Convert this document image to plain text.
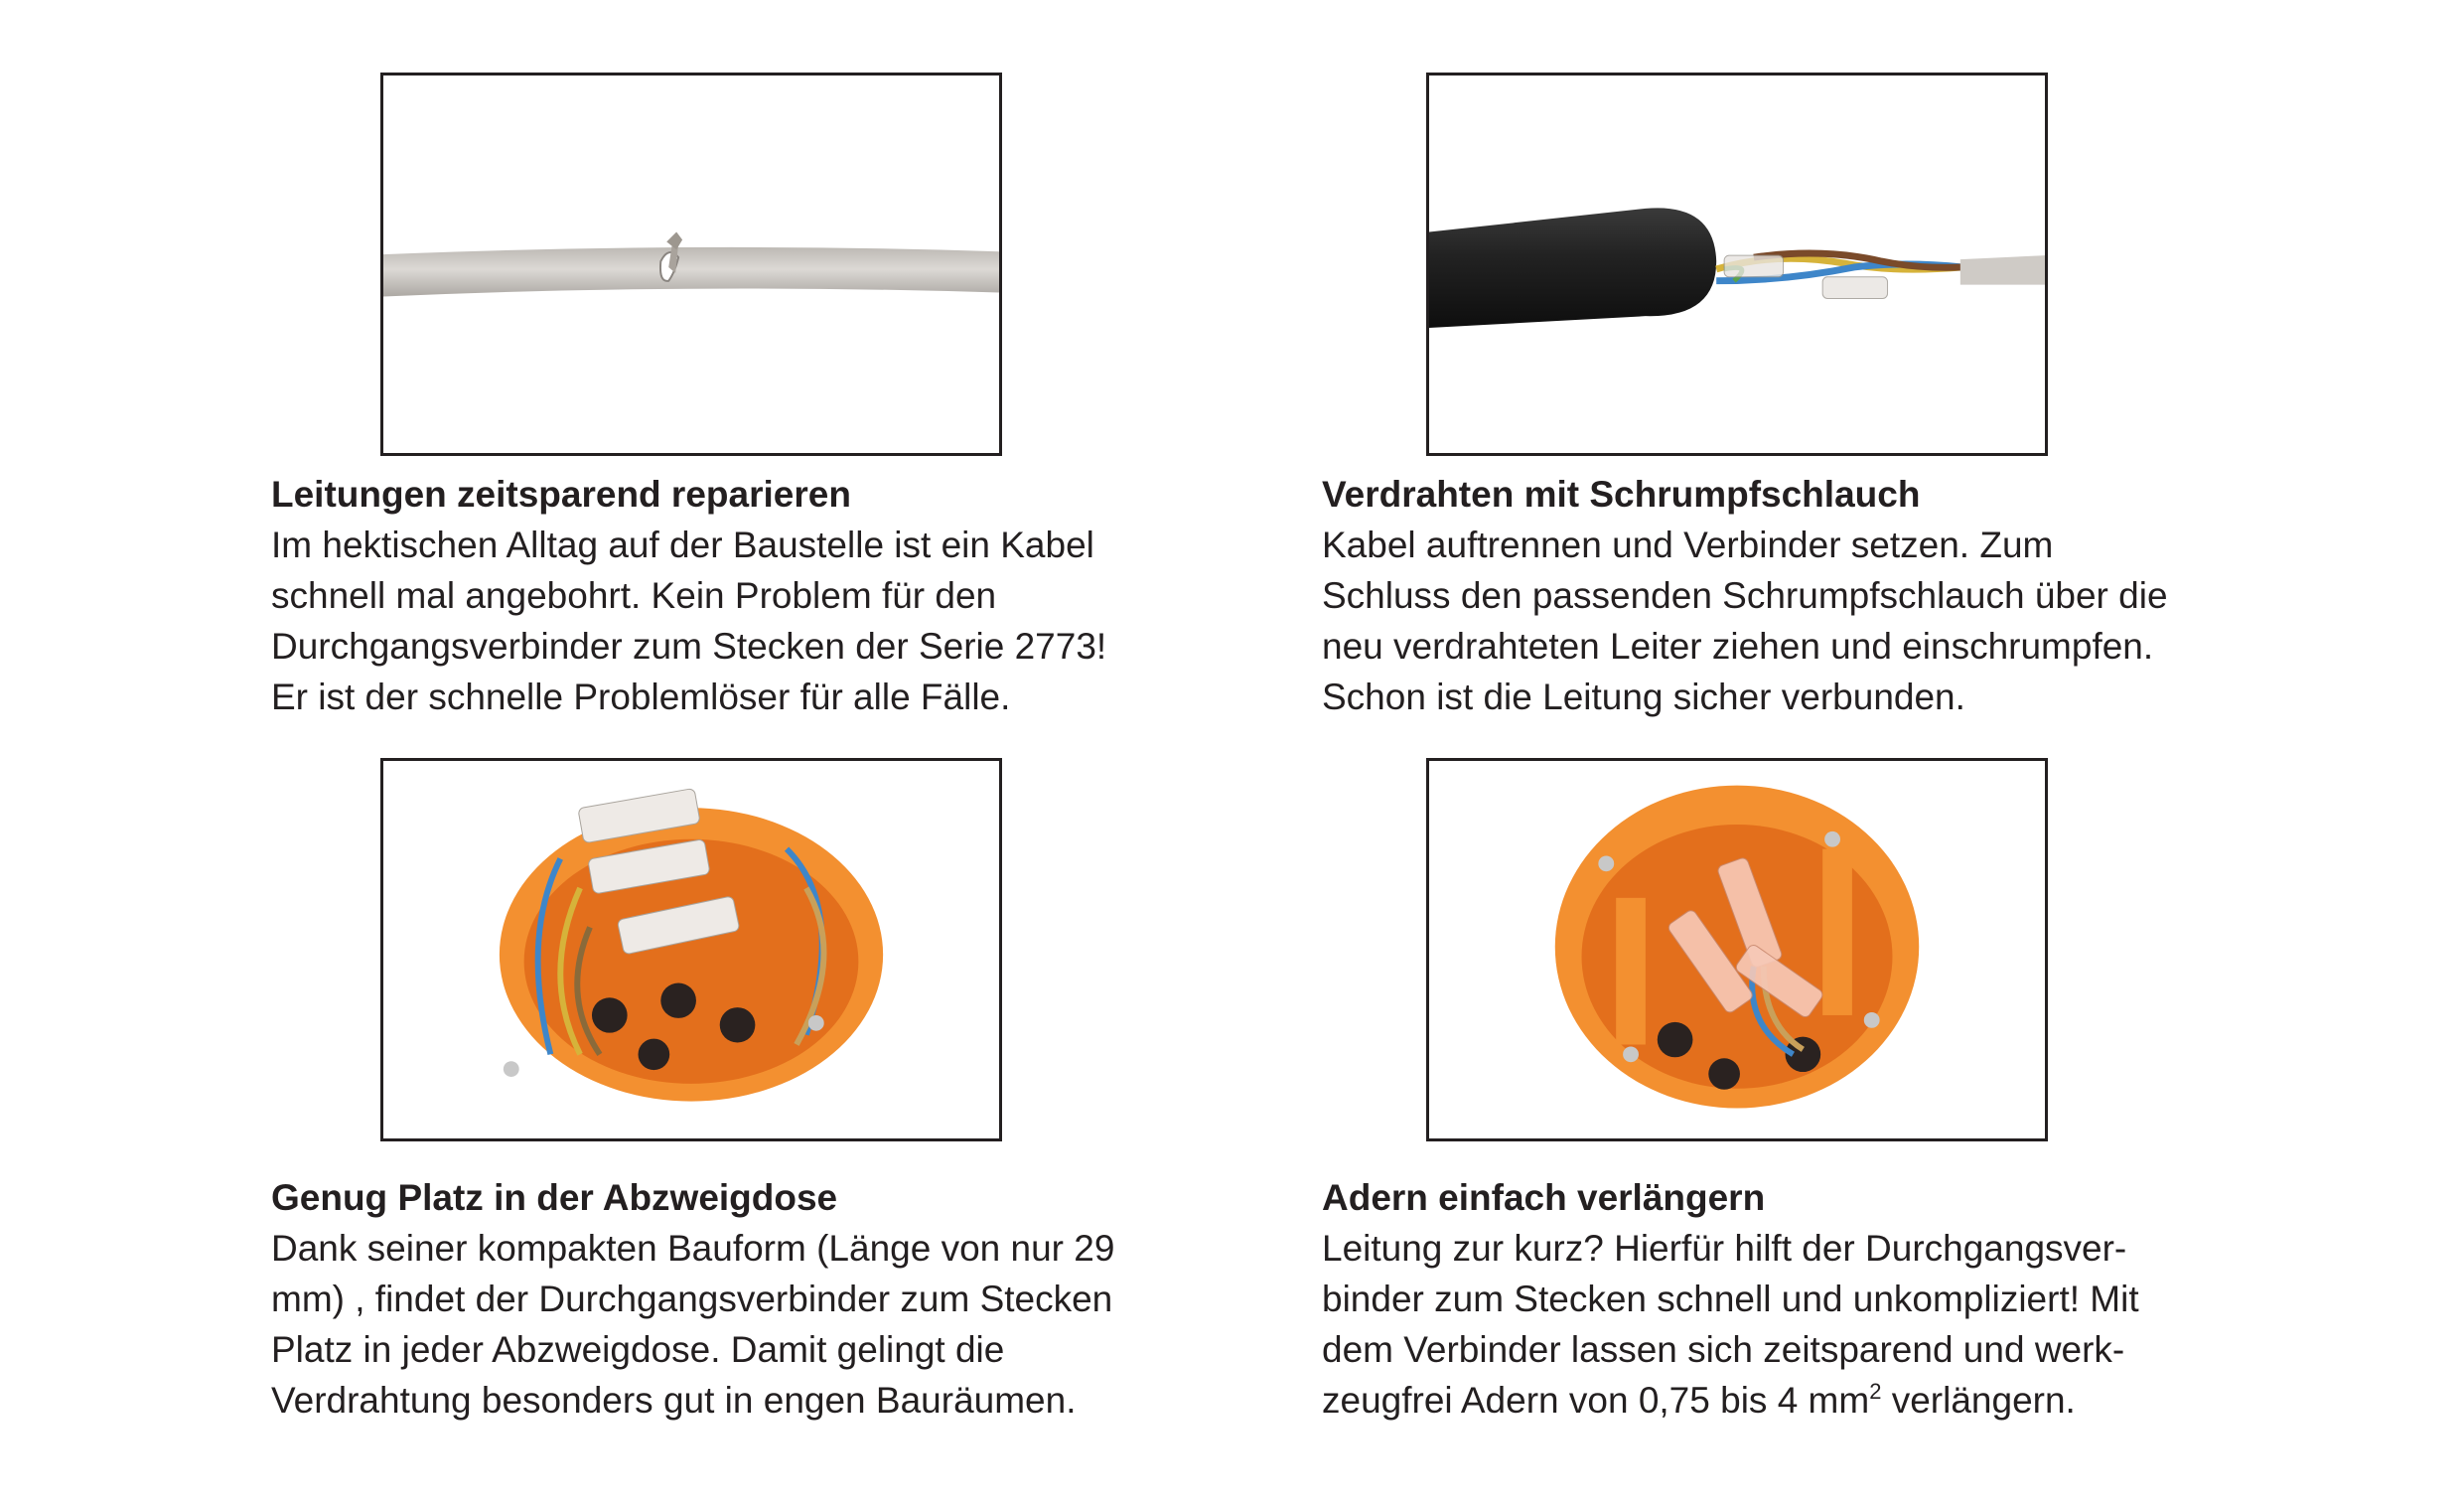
Leitungen zeitsparend reparieren

Im hektischen Alltag auf der Baustelle ist ein Kabel

schnell mal angebohrt. Kein Problem für den

Durchgangsverbinder zum Stecken der Serie 2773!

Er ist der schnelle Problemlöser für alle Fälle.

Verdrahten mit Schrumpfschlauch

Kabel auftrennen und Verbinder setzen. Zum

Schluss den passenden Schrumpfschlauch über die

neu verdrahteten Leiter ziehen und einschrumpfen.

Schon ist die Leitung sicher verbunden.

Genug Platz in der Abzweigdose

Dank seiner kompakten Bauform (Länge von nur 29

mm) , findet der Durchgangsverbinder zum Stecken

Platz in jeder Abzweigdose. Damit gelingt die

Verdrahtung besonders gut in engen Bauräumen.

Adern einfach verlängern

Leitung zur kurz? Hierfür hilft der Durchgangsver-

binder zum Stecken schnell und unkompliziert! Mit

dem Verbinder lassen sich zeitsparend und werk-

zeugfrei Adern von 0,75 bis 4 $mm^2$ verlängern.
